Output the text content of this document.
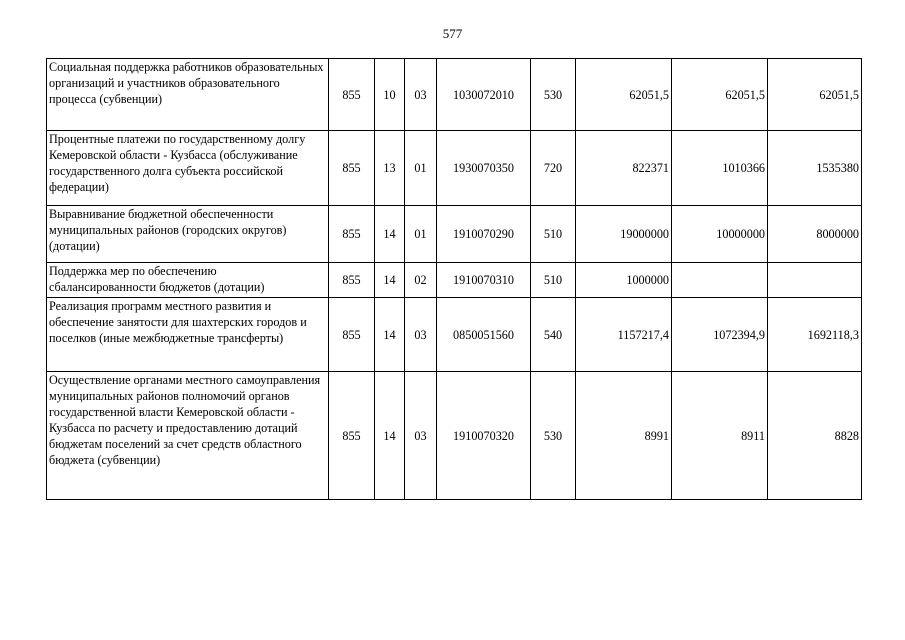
577
Социальная поддержка работников образовательных организаций и участников образовательного процесса (субвенции)	855	10	03	1030072010	530	62051,5	62051,5	62051,5
Процентные платежи по государственному долгу Кемеровской области - Кузбасса (обслуживание государственного долга субъекта российской федерации)	855	13	01	1930070350	720	822371	1010366	1535380
Выравнивание бюджетной обеспеченности муниципальных районов (городских округов) (дотации)	855	14	01	1910070290	510	19000000	10000000	8000000
Поддержка мер по обеспечению сбалансированности бюджетов (дотации)	855	14	02	1910070310	510	1000000		
Реализация программ местного развития и обеспечение занятости для шахтерских городов и поселков (иные межбюджетные трансферты)	855	14	03	0850051560	540	1157217,4	1072394,9	1692118,3
Осуществление органами местного самоуправления муниципальных районов полномочий органов государственной власти Кемеровской области - Кузбасса по расчету и предоставлению дотаций бюджетам поселений за счет средств областного бюджета (субвенции)	855	14	03	1910070320	530	8991	8911	8828
